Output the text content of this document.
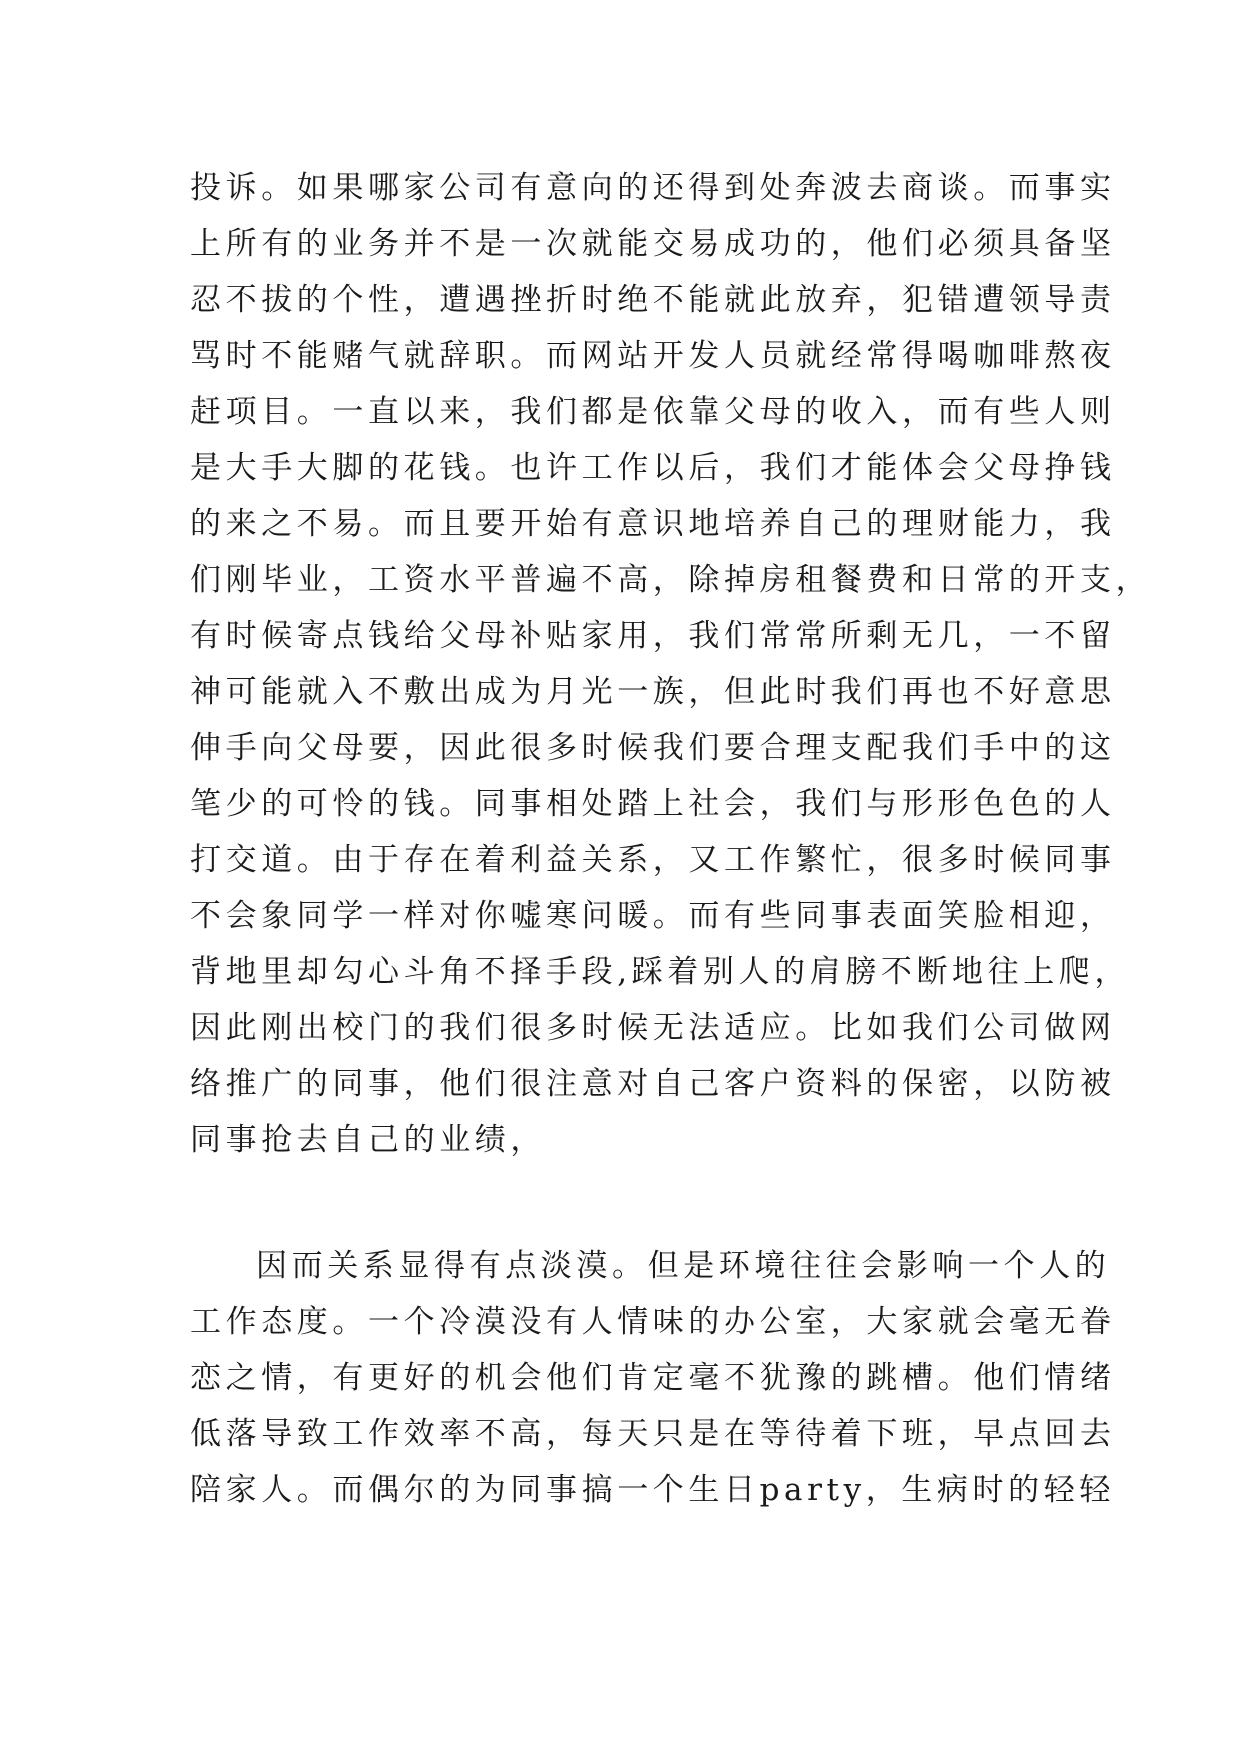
投诉。如果哪家公司有意向的还得到处奔波去商谈。而事实
上所有的业务并不是一次就能交易成功的，他们必须具备坚
忍不拔的个性，遭遇挫折时绝不能就此放弃，犯错遭领导责
骂时不能赌气就辞职。而网站开发人员就经常得喝咖啡熬夜
赶项目。一直以来，我们都是依靠父母的收入，而有些人则
是大手大脚的花钱。也许工作以后，我们才能体会父母挣钱
的来之不易。而且要开始有意识地培养自己的理财能力，我
们刚毕业，工资水平普遍不高，除掉房租餐费和日常的开支，
有时候寄点钱给父母补贴家用，我们常常所剩无几，一不留
神可能就入不敷出成为月光一族，但此时我们再也不好意思
伸手向父母要，因此很多时候我们要合理支配我们手中的这
笔少的可怜的钱。同事相处踏上社会，我们与形形色色的人
打交道。由于存在着利益关系，又工作繁忙，很多时候同事
不会象同学一样对你嘘寒问暖。而有些同事表面笑脸相迎，
背地里却勾心斗角不择手段,踩着别人的肩膀不断地往上爬，
因此刚出校门的我们很多时候无法适应。比如我们公司做网
络推广的同事，他们很注意对自己客户资料的保密，以防被
同事抢去自己的业绩，
因而关系显得有点淡漠。但是环境往往会影响一个人的
工作态度。一个冷漠没有人情味的办公室，大家就会毫无眷
恋之情，有更好的机会他们肯定毫不犹豫的跳槽。他们情绪
低落导致工作效率不高，每天只是在等待着下班，早点回去
陪家人。而偶尔的为同事搞一个生日party，生病时的轻轻
